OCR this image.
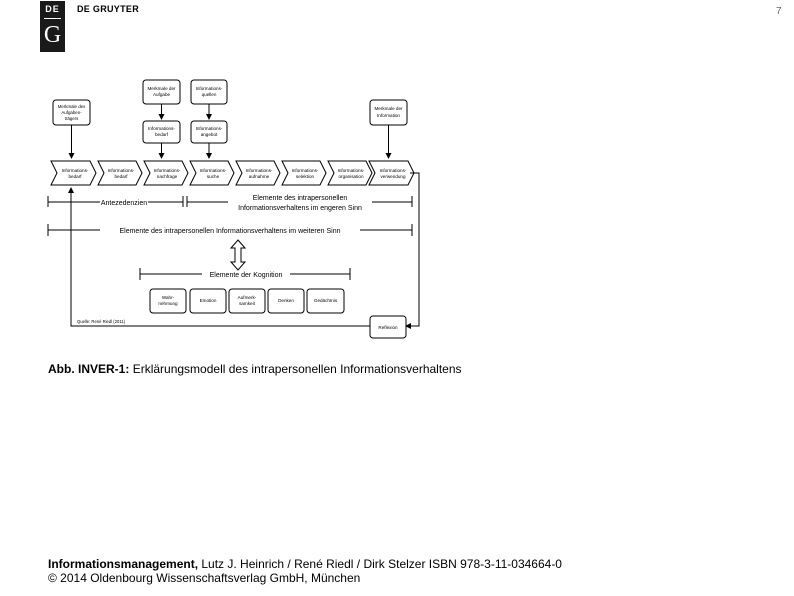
DE
G
DE GRUYTER	7
Merkmale der
Aufgabe
Informations-
quellen
Informations-
bedarf
Informations-
angebot
Merkmale des
Aufgaben-
trägers
Merkmale der
Information
Informations-
bedarf
Informations-
bedarf
Informations-
nachfrage
Informations-
suche
Informations-
aufnahme
Informations-
selektion
Informations-
organisation
Informations-
verwendung
Antezedenzien
Elemente des intrapersonellen
Informationsverhaltens im engeren Sinn
Elemente des intrapersonellen Informationsverhaltens im weiteren Sinn
Elemente der Kognition
Wahr-
nehmung
Emotion
Aufmerk-
samkeit
Denken	Gedächtnis
Reflexion
Quelle: René Riedl (2011)
Abb. INVER-1: Erklärungsmodell des intrapersonellen Informationsverhaltens
Informationsmanagement, Lutz J. Heinrich / René Riedl / Dirk Stelzer ISBN 978-3-11-034664-0
© 2014 Oldenbourg Wissenschaftsverlag GmbH, München
